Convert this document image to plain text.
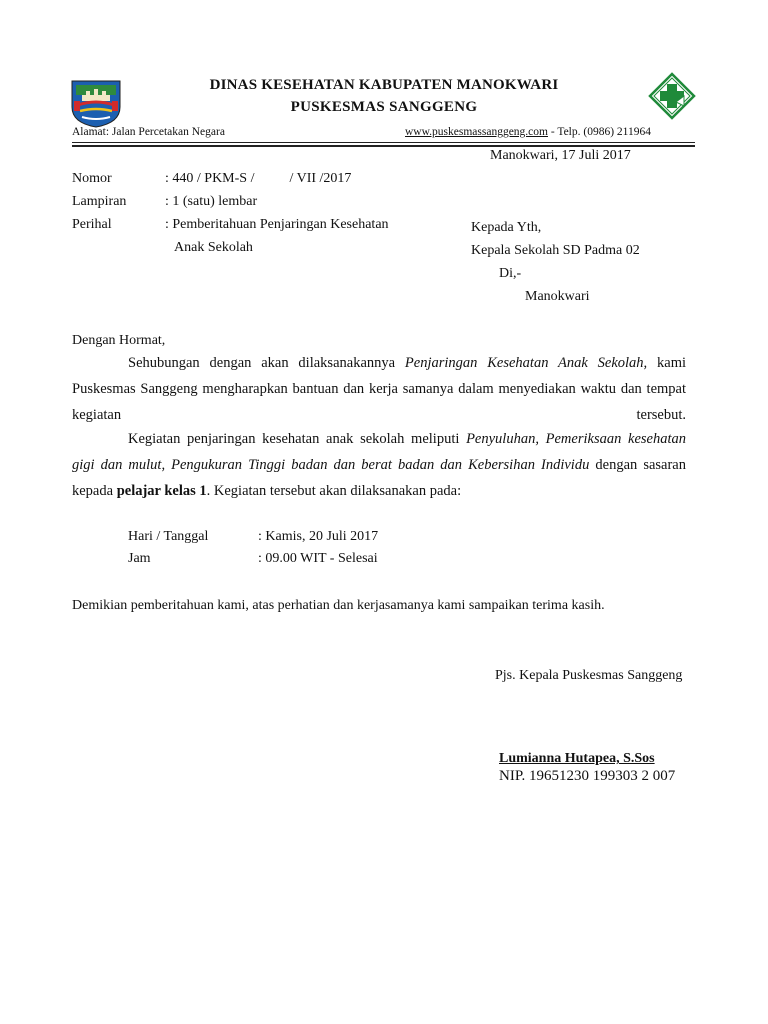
DINAS KESEHATAN KABUPATEN MANOKWARI
PUSKESMAS SANGGENG
Alamat: Jalan Percetakan Negara	www.puskesmassanggeng.com - Telp. (0986) 211964
Manokwari, 17 Juli 2017
Nomor	: 440 / PKM-S /          / VII /2017
Lampiran	: 1 (satu) lembar
Perihal	: Pemberitahuan Penjaringan Kesehatan
Anak Sekolah
Kepada Yth,
Kepala Sekolah SD Padma 02
Di,-
Manokwari
Dengan Hormat,
Sehubungan dengan akan dilaksanakannya Penjaringan Kesehatan Anak Sekolah, kami Puskesmas Sanggeng mengharapkan bantuan dan kerja samanya dalam menyediakan waktu dan tempat kegiatan tersebut.
Kegiatan penjaringan kesehatan anak sekolah meliputi Penyuluhan, Pemeriksaan kesehatan gigi dan mulut, Pengukuran Tinggi badan dan berat badan dan Kebersihan Individu dengan sasaran kepada pelajar kelas 1. Kegiatan tersebut akan dilaksanakan pada:
Hari / Tanggal	: Kamis, 20 Juli 2017
Jam	: 09.00 WIT - Selesai
Demikian pemberitahuan kami, atas perhatian dan kerjasamanya kami sampaikan terima kasih.
Pjs. Kepala Puskesmas Sanggeng
Lumianna Hutapea, S.Sos
NIP. 19651230 199303 2 007
